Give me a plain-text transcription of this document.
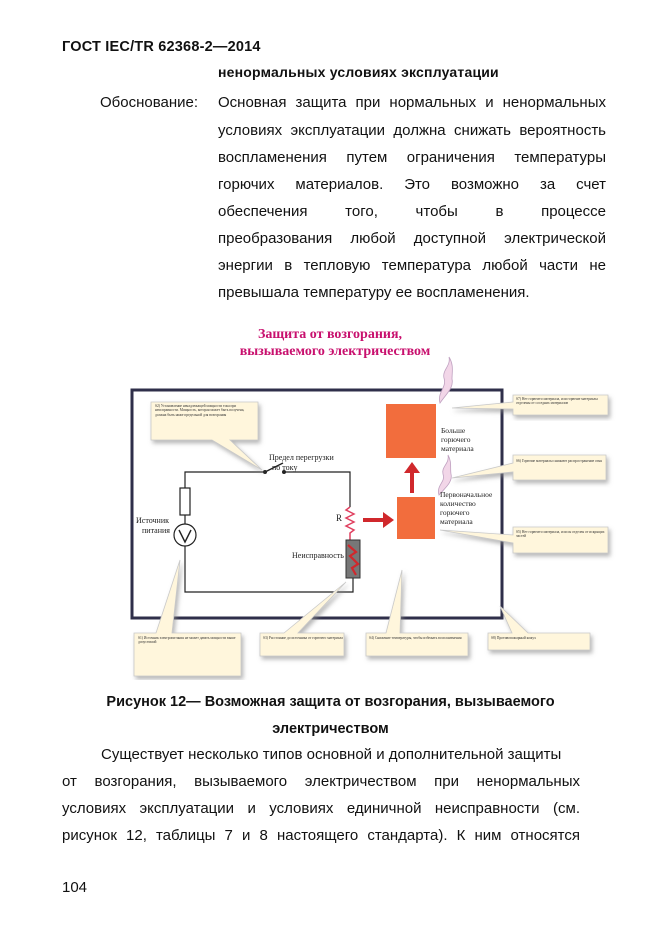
ГОСТ IEC/TR 62368-2—2014
ненормальных условиях эксплуатации
Обоснование: Основная защита при нормальных и ненормальных
условиях эксплуатации должна снижать вероятность
воспламенения путем ограничения температуры
горючих материалов. Это возможно за счет
обеспечения того, чтобы в процессе
преобразования любой доступной электрической
энергии в тепловую температура любой части не
превышала температуру ее воспламенения.
Защита от возгорания,
вызываемого электричеством
Предел перегрузки
по току
Источник
питания
R
Неисправность
Больше
горючего
материала
Первоначальное
количество
горючего
материала
S2) Установление ненадлежащей мощности тока при неисправности. Мощность, которая может быть получена, должна быть ниже предельной для возгорания
S7) Нет горючего материала, или горючие материалы отделены от соседних материалов
S6) Горючие материалы снижают распространение огня
S5) Нет горючего материала, или он отделен от искрящих частей
S1) Источник электропитания не может давать мощности выше допустимой
S3) Расстояние до источника от горючего материала	S4) Снижение температуры, чтобы избежать воспламенения	S8) Противопожарный кожух
Рисунок 12— Возможная защита от возгорания, вызываемого
электричеством
Существует несколько типов основной и дополнительной защиты
от возгорания, вызываемого электричеством при ненормальных
условиях эксплуатации и условиях единичной неисправности (см.
рисунок 12, таблицы 7 и 8 настоящего стандарта). К ним относятся
104
